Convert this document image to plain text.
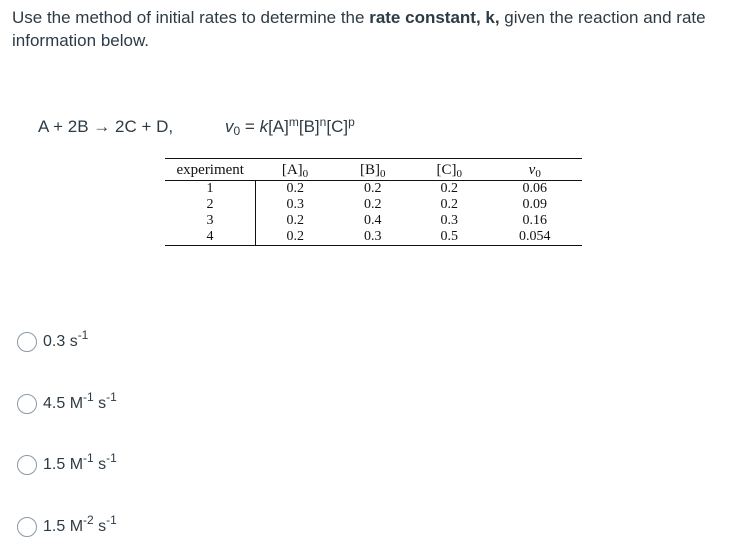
Use the method of initial rates to determine the rate constant, k, given the reaction and rate information below.
A + 2B → 2C + D,	$v_0 = k[A]^m[B]^n[C]^p$
experiment	$[A]_0$	$[B]_0$	$[C]_0$	$v_0$
1	0.2	0.2	0.2	0.06
2	0.3	0.2	0.2	0.09
3	0.2	0.4	0.3	0.16
4	0.2	0.3	0.5	0.054
0.3 $s^{-1}$
4.5 $M^{-1}$ $s^{-1}$
1.5 $M^{-1}$ $s^{-1}$
1.5 $M^{-2}$ $s^{-1}$
